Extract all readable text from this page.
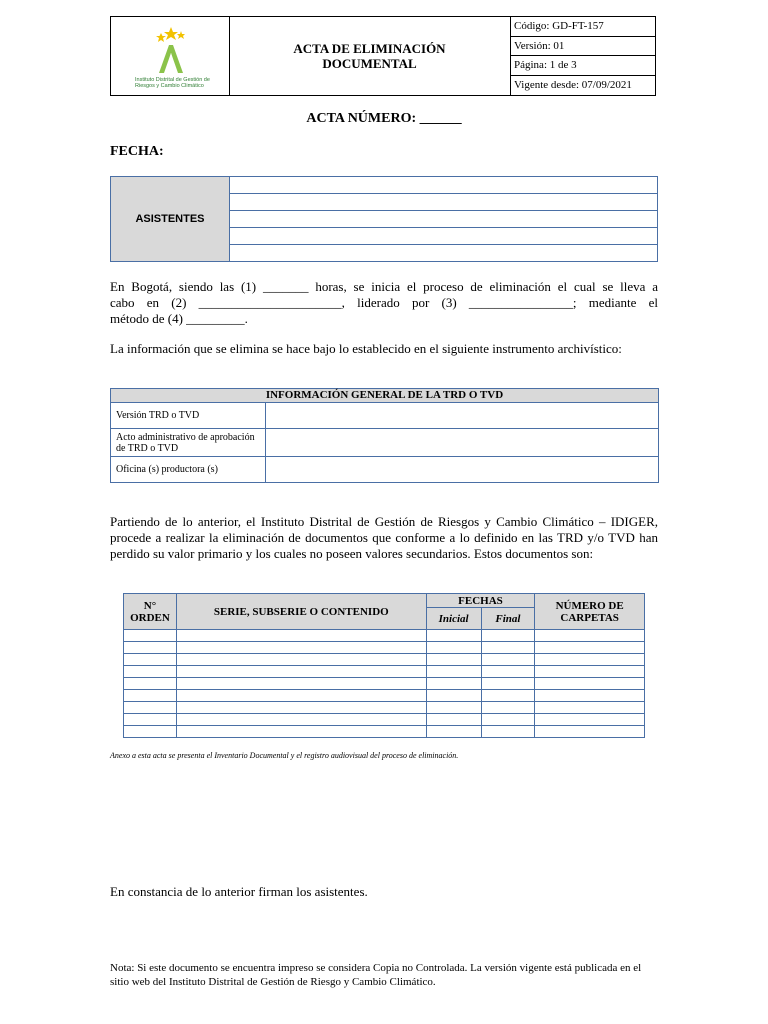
Instituto Distrital de Gestión de Riesgos y Cambio Climático
ACTA DE ELIMINACIÓN
DOCUMENTAL
Código: GD-FT-157
Versión: 01
Página: 1 de 3
Vigente desde: 07/09/2021
ACTA NÚMERO: ______
FECHA:
ASISTENTES

En Bogotá, siendo las (1) _______ horas, se inicia el proceso de eliminación el cual se lleva a

cabo en (2) ______________________, liderado por (3) ________________; mediante el

método de (4) _________.

La información que se elimina se hace bajo lo establecido en el siguiente instrumento archivístico:
INFORMACIÓN GENERAL DE LA TRD O TVD	
Versión TRD o TVD	
Acto administrativo de aprobación de TRD o TVD	
Oficina (s) productora (s)	
Partiendo de lo anterior, el Instituto Distrital de Gestión de Riesgos y Cambio Climático – IDIGER, procede a realizar la eliminación de documentos que conforme a lo definido en las TRD y/o TVD han perdido su valor primario y los cuales no poseen valores secundarios. Estos documentos son:
N° ORDEN	SERIE, SUBSERIE O CONTENIDO	FECHAS		NÚMERO DE CARPETAS
		Inicial	Final	

Anexo a esta acta se presenta el Inventario Documental y el registro audiovisual del proceso de eliminación.
En constancia de lo anterior firman los asistentes.
Nota: Si este documento se encuentra impreso se considera Copia no Controlada. La versión vigente está publicada en el sitio web del Instituto Distrital de Gestión de Riesgo y Cambio Climático.
